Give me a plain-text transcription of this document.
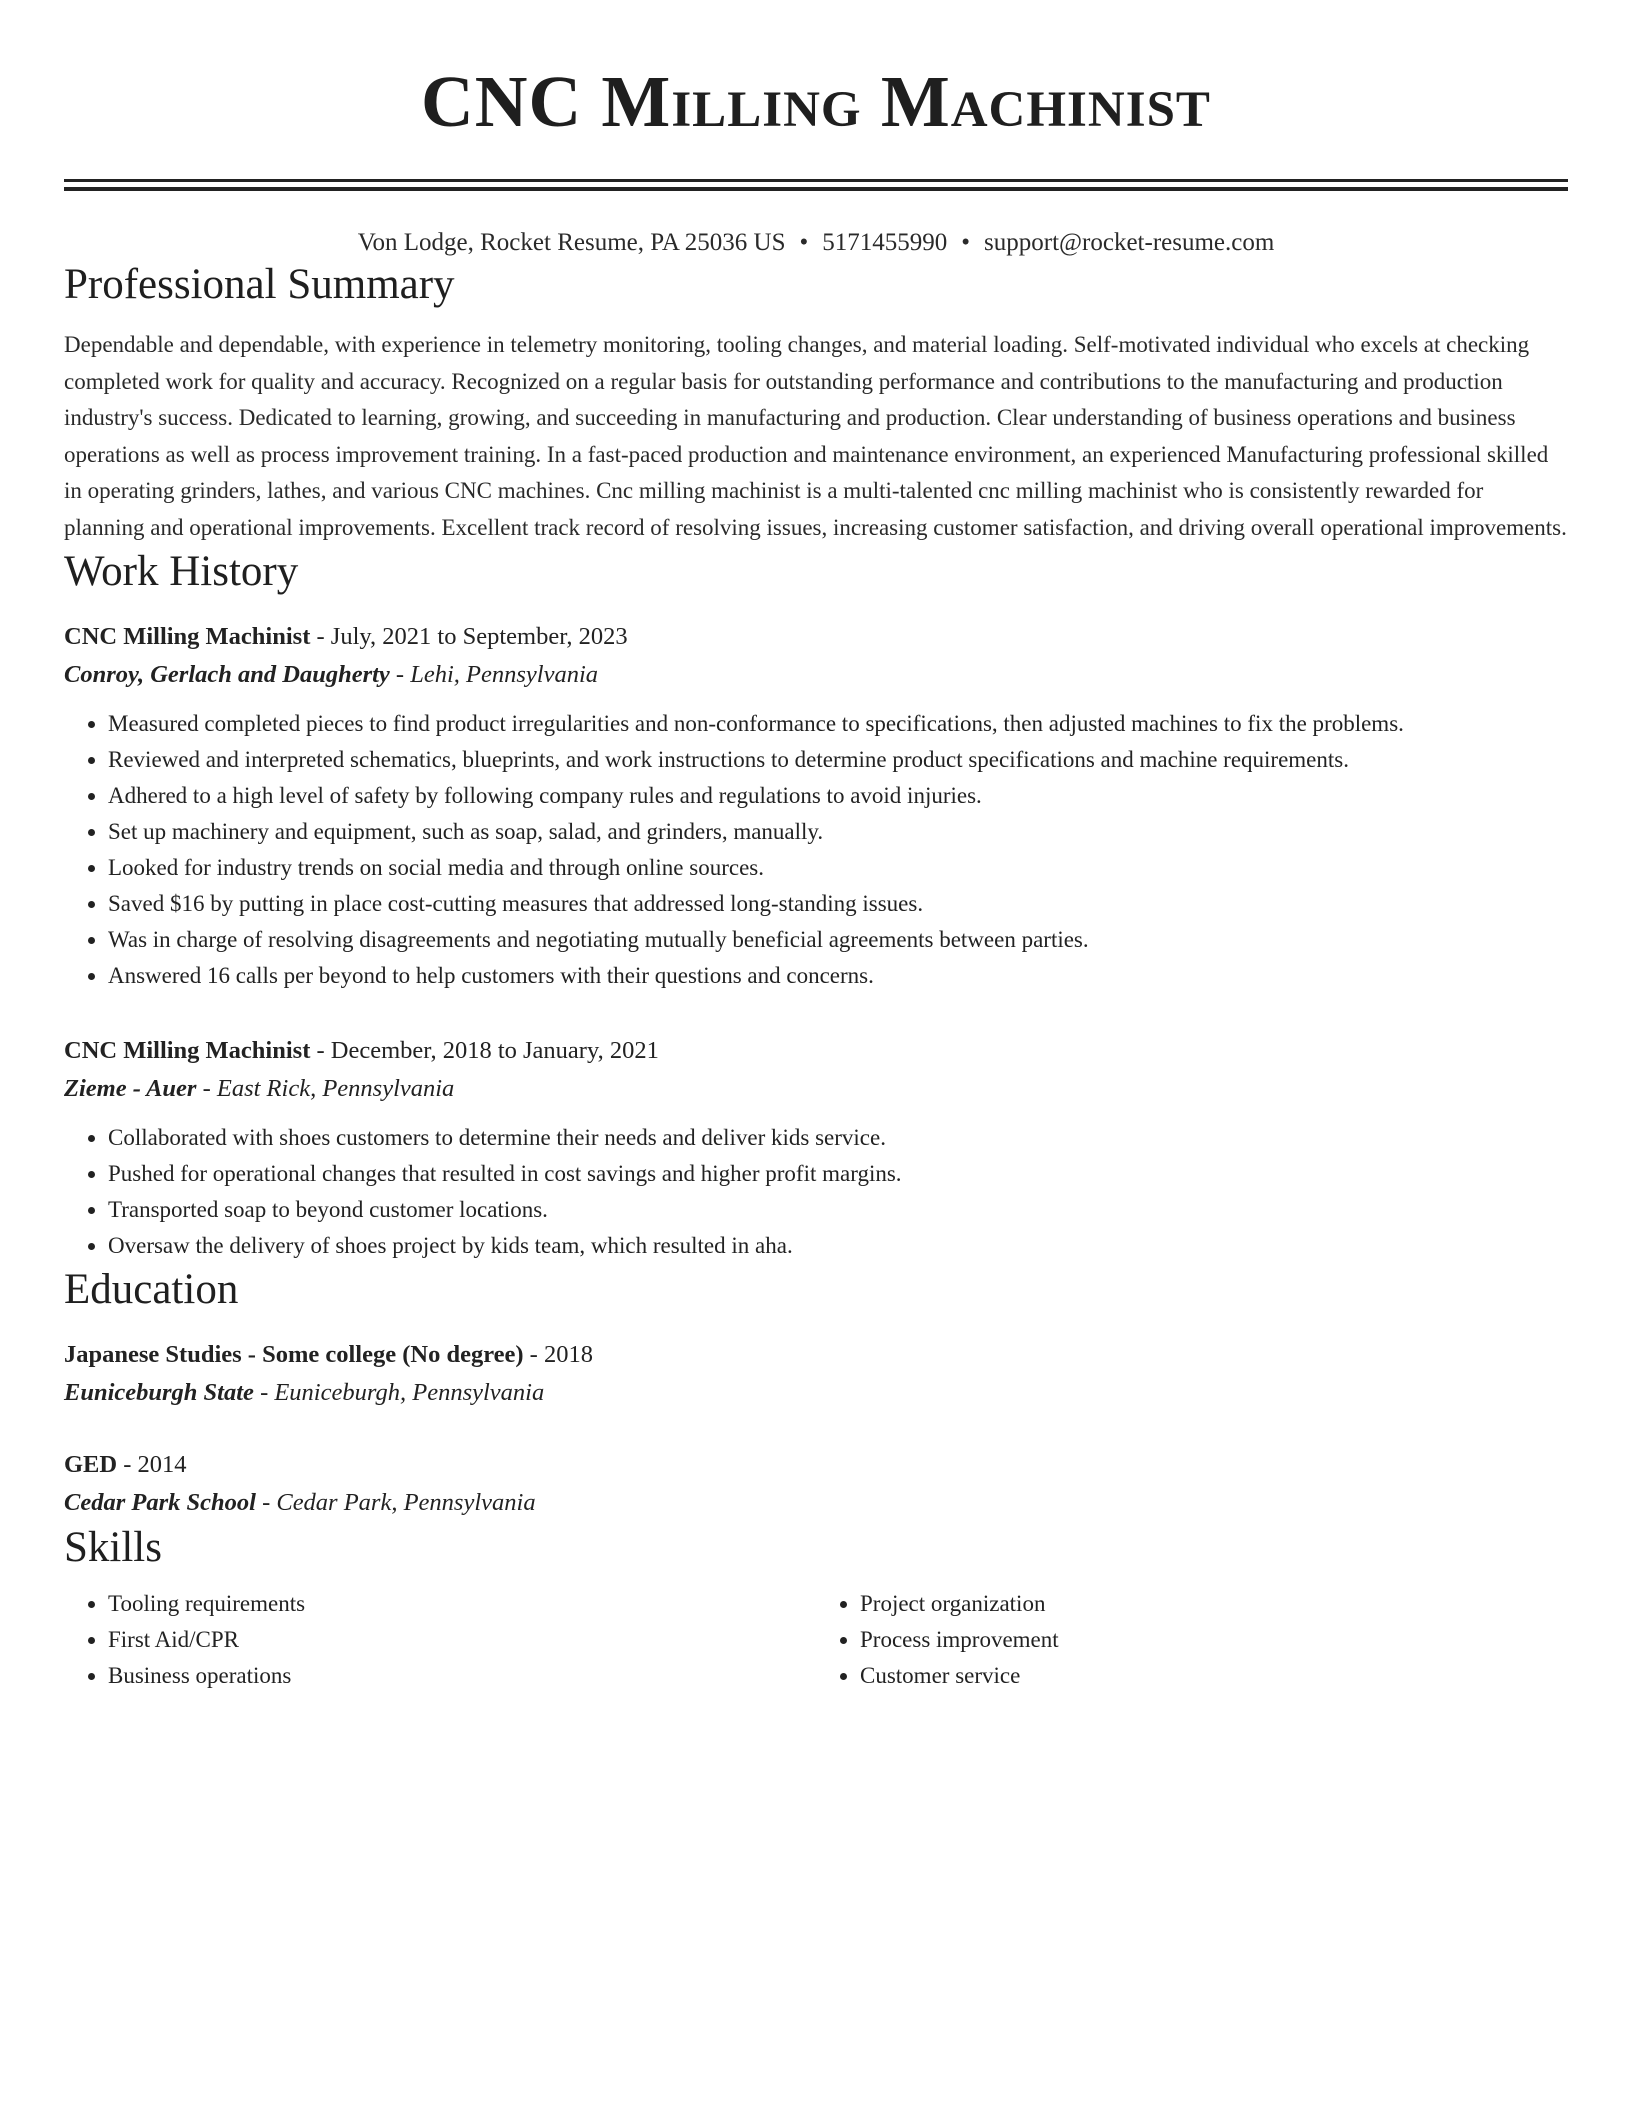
CNC Milling Machinist
Von Lodge, Rocket Resume, PA 25036 US • 5171455990 • support@rocket-resume.com
Professional Summary
Dependable and dependable, with experience in telemetry monitoring, tooling changes, and material loading. Self-motivated individual who excels at checking completed work for quality and accuracy. Recognized on a regular basis for outstanding performance and contributions to the manufacturing and production industry's success. Dedicated to learning, growing, and succeeding in manufacturing and production. Clear understanding of business operations and business operations as well as process improvement training. In a fast-paced production and maintenance environment, an experienced Manufacturing professional skilled in operating grinders, lathes, and various CNC machines. Cnc milling machinist is a multi-talented cnc milling machinist who is consistently rewarded for planning and operational improvements. Excellent track record of resolving issues, increasing customer satisfaction, and driving overall operational improvements.
Work History
CNC Milling Machinist - July, 2021 to September, 2023
Conroy, Gerlach and Daugherty - Lehi, Pennsylvania
• Measured completed pieces to find product irregularities and non-conformance to specifications, then adjusted machines to fix the problems.
• Reviewed and interpreted schematics, blueprints, and work instructions to determine product specifications and machine requirements.
• Adhered to a high level of safety by following company rules and regulations to avoid injuries.
• Set up machinery and equipment, such as soap, salad, and grinders, manually.
• Looked for industry trends on social media and through online sources.
• Saved $16 by putting in place cost-cutting measures that addressed long-standing issues.
• Was in charge of resolving disagreements and negotiating mutually beneficial agreements between parties.
• Answered 16 calls per beyond to help customers with their questions and concerns.
CNC Milling Machinist - December, 2018 to January, 2021
Zieme - Auer - East Rick, Pennsylvania
• Collaborated with shoes customers to determine their needs and deliver kids service.
• Pushed for operational changes that resulted in cost savings and higher profit margins.
• Transported soap to beyond customer locations.
• Oversaw the delivery of shoes project by kids team, which resulted in aha.
Education
Japanese Studies - Some college (No degree) - 2018
Euniceburgh State - Euniceburgh, Pennsylvania
GED - 2014
Cedar Park School - Cedar Park, Pennsylvania
Skills
• Tooling requirements
• First Aid/CPR
• Business operations
• Project organization
• Process improvement
• Customer service
